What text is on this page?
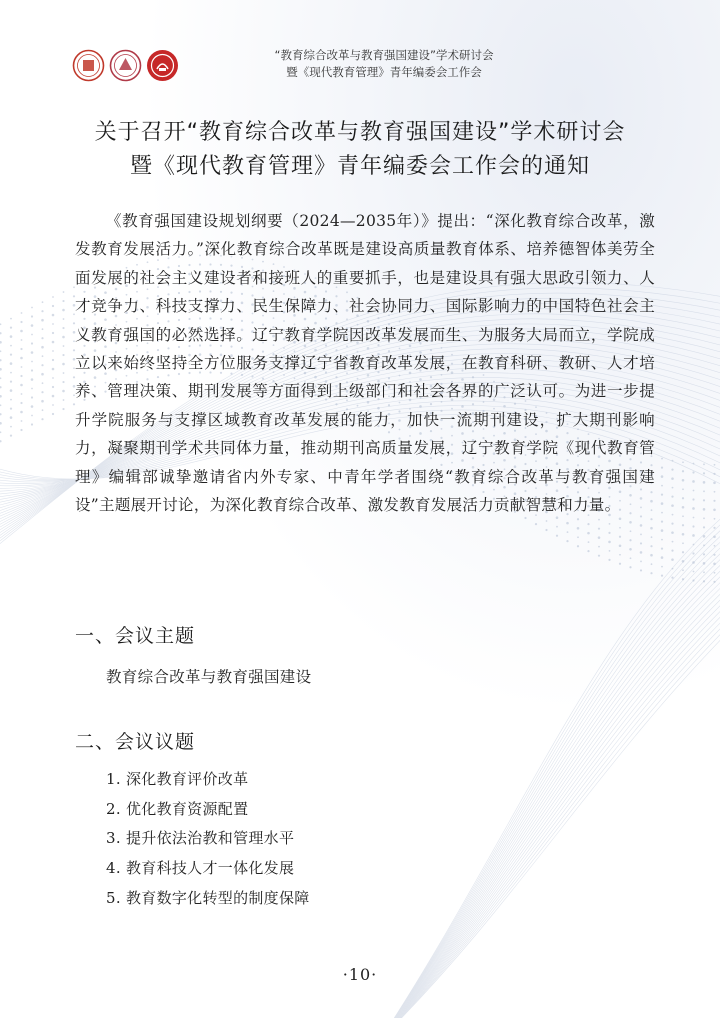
“教育综合改革与教育强国建设”学术研讨会
暨《现代教育管理》青年编委会工作会
关于召开“教育综合改革与教育强国建设”学术研讨会
暨《现代教育管理》青年编委会工作会的通知

《教育强国建设规划纲要（2024—2035年）》提出：“深化教育综合改革，激发教育发展活力。”深化教育综合改革既是建设高质量教育体系、培养德智体美劳全面发展的社会主义建设者和接班人的重要抓手，也是建设具有强大思政引领力、人才竞争力、科技支撑力、民生保障力、社会协同力、国际影响力的中国特色社会主义教育强国的必然选择。辽宁教育学院因改革发展而生、为服务大局而立，学院成立以来始终坚持全方位服务支撑辽宁省教育改革发展，在教育科研、教研、人才培养、管理决策、期刊发展等方面得到上级部门和社会各界的广泛认可。为进一步提升学院服务与支撑区域教育改革发展的能力，加快一流期刊建设，扩大期刊影响力，凝聚期刊学术共同体力量，推动期刊高质量发展，辽宁教育学院《现代教育管理》编辑部诚挚邀请省内外专家、中青年学者围绕“教育综合改革与教育强国建设”主题展开讨论，为深化教育综合改革、激发教育发展活力贡献智慧和力量。

一、会议主题
教育综合改革与教育强国建设
二、会议议题
1. 深化教育评价改革
2. 优化教育资源配置
3. 提升依法治教和管理水平
4. 教育科技人才一体化发展
5. 教育数字化转型的制度保障
·10·
